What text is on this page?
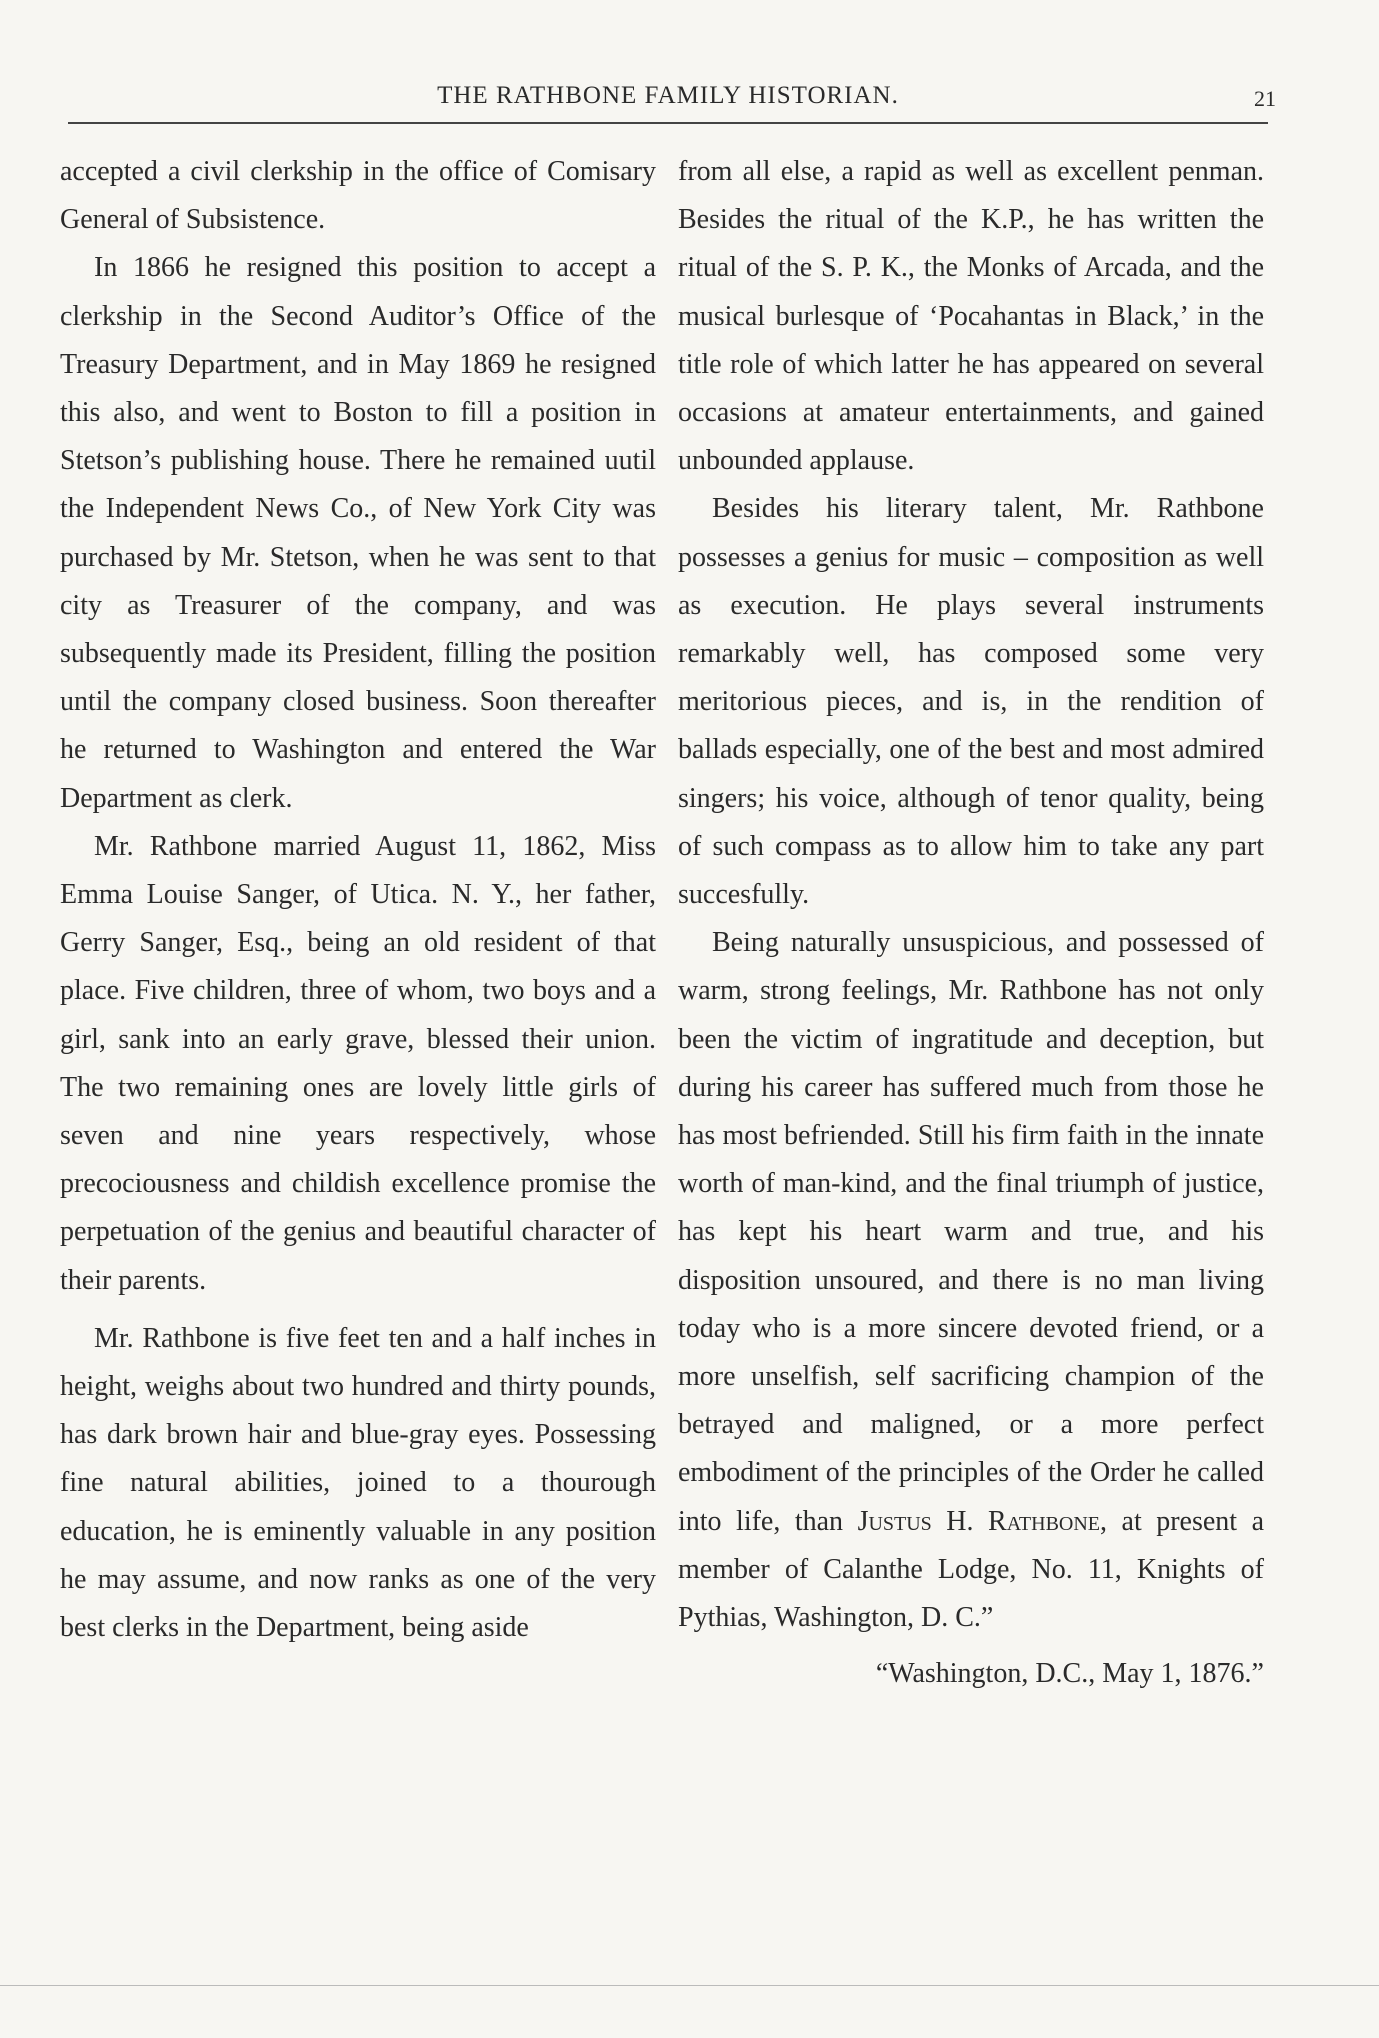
THE RATHBONE FAMILY HISTORIAN.	21

accepted a civil clerkship in the office of Comisary General of Subsistence.

In 1866 he resigned this position to accept a clerkship in the Second Auditor’s Office of the Treasury Department, and in May 1869 he resigned this also, and went to Boston to fill a position in Stetson’s publishing house. There he remained uutil the Independent News Co., of New York City was purchased by Mr. Stetson, when he was sent to that city as Treasurer of the company, and was subsequently made its President, filling the position until the company closed business. Soon thereafter he returned to Washington and entered the War Department as clerk.

Mr. Rathbone married August 11, 1862, Miss Emma Louise Sanger, of Utica. N. Y., her father, Gerry Sanger, Esq., being an old resident of that place. Five children, three of whom, two boys and a girl, sank into an early grave, blessed their union. The two remaining ones are lovely little girls of seven and nine years respectively, whose precociousness and childish excellence promise the perpetuation of the genius and beautiful character of their parents.

Mr. Rathbone is five feet ten and a half inches in height, weighs about two hundred and thirty pounds, has dark brown hair and blue-gray eyes. Possessing fine natural abilities, joined to a thourough education, he is eminently valuable in any position he may assume, and now ranks as one of the very best clerks in the Department, being aside

from all else, a rapid as well as excellent penman. Besides the ritual of the K.P., he has written the ritual of the S. P. K., the Monks of Arcada, and the musical burlesque of ‘Pocahantas in Black,’ in the title role of which latter he has appeared on several occasions at amateur entertainments, and gained unbounded applause.

Besides his literary talent, Mr. Rathbone possesses a genius for music – composition as well as execution. He plays several instruments remarkably well, has composed some very meritorious pieces, and is, in the rendition of ballads especially, one of the best and most admired singers; his voice, although of tenor quality, being of such compass as to allow him to take any part succesfully.

Being naturally unsuspicious, and possessed of warm, strong feelings, Mr. Rathbone has not only been the victim of ingratitude and deception, but during his career has suffered much from those he has most befriended. Still his firm faith in the innate worth of man-kind, and the final triumph of justice, has kept his heart warm and true, and his disposition unsoured, and there is no man living today who is a more sincere devoted friend, or a more unselfish, self sacrificing champion of the betrayed and maligned, or a more perfect embodiment of the principles of the Order he called into life, than Justus H. Rathbone, at present a member of Calanthe Lodge, No. 11, Knights of Pythias, Washington, D. C.”

“Washington, D.C., May 1, 1876.”
